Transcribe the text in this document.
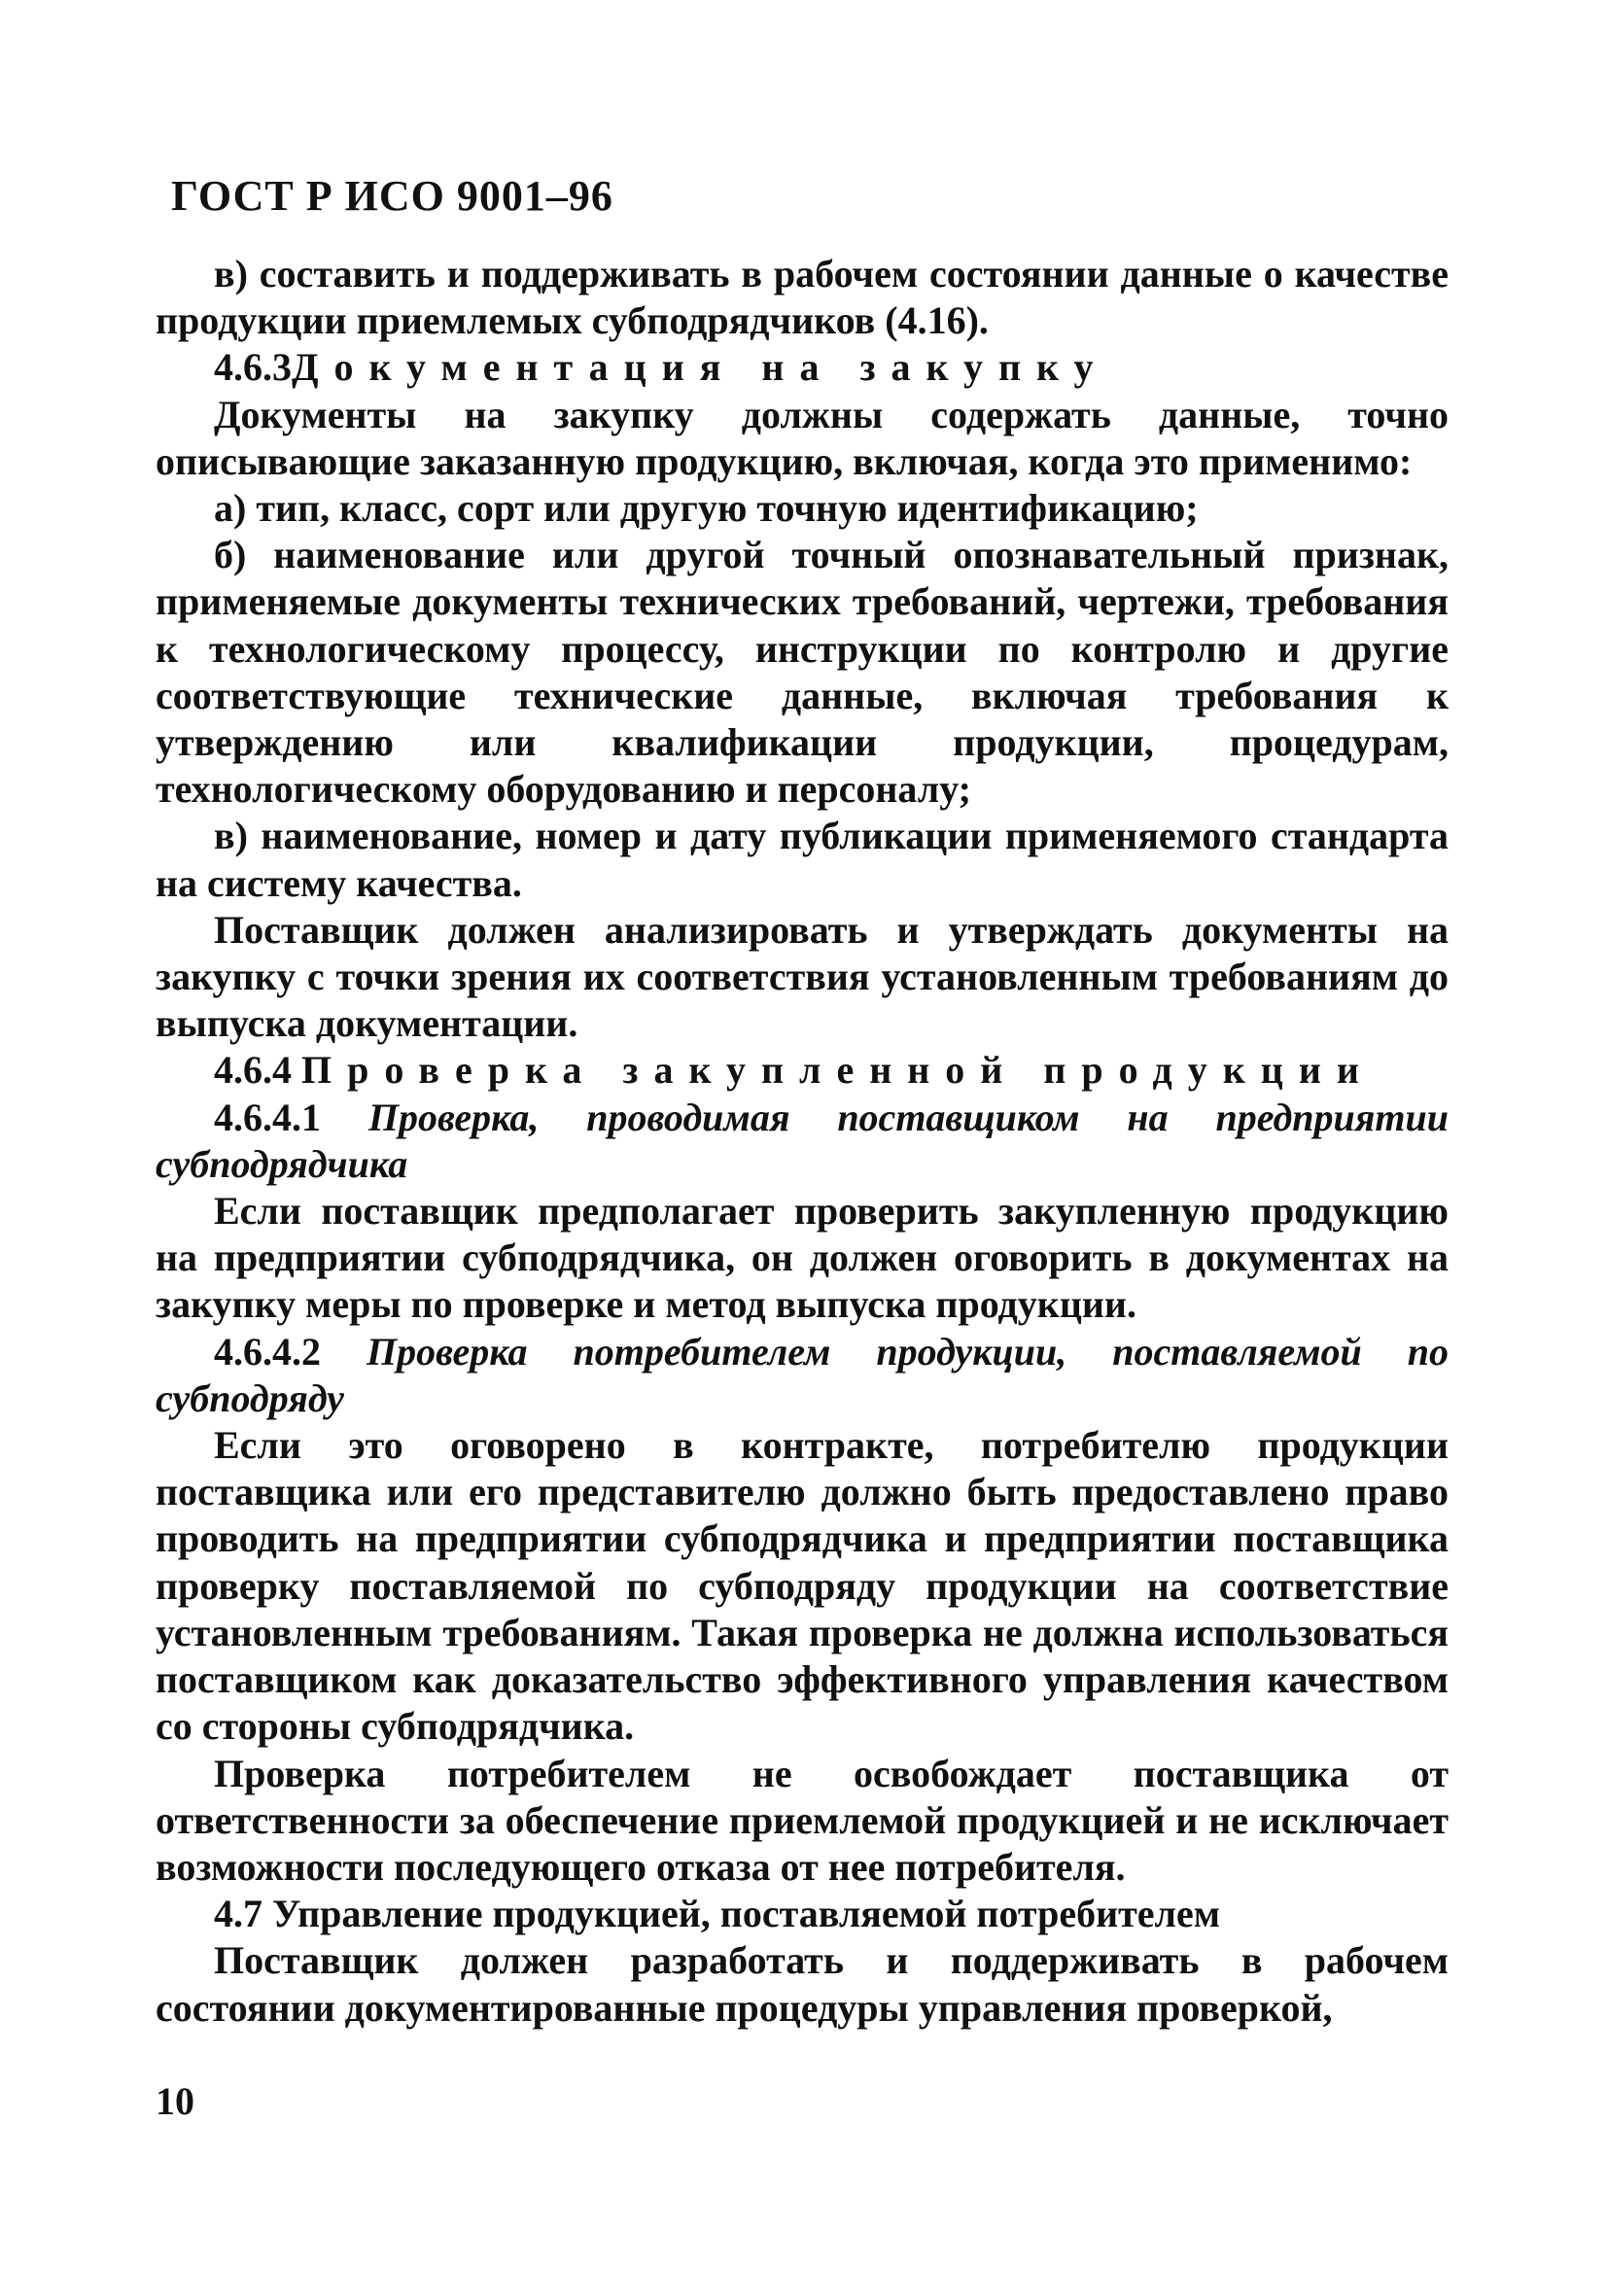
ГОСТ Р ИСО 9001–96

в) составить и поддерживать в рабочем состоянии данные о качестве продукции приемлемых субподрядчиков (4.16).

4.6.3Документация на закупку

Документы на закупку должны содержать данные, точно описывающие заказанную продукцию, включая, когда это применимо:

а) тип, класс, сорт или другую точную идентификацию;

б) наименование или другой точный опознавательный признак, применяемые документы технических требований, чертежи, требования к технологическому процессу, инструкции по контролю и другие соответствующие технические данные, включая требования к утверждению или квалификации продукции, процедурам, технологическому оборудованию и персоналу;

в) наименование, номер и дату публикации применяемого стандарта на систему качества.

Поставщик должен анализировать и утверждать документы на закупку с точки зрения их соответствия установленным требованиям до выпуска документации.

4.6.4 Проверка закупленной продукции

4.6.4.1 Проверка, проводимая поставщиком на предприятии субподрядчика

Если поставщик предполагает проверить закупленную продукцию на предприятии субподрядчика, он должен оговорить в документах на закупку меры по проверке и метод выпуска продукции.

4.6.4.2 Проверка потребителем продукции, поставляемой по субподряду

Если это оговорено в контракте, потребителю продукции поставщика или его представителю должно быть предоставлено право проводить на предприятии субподрядчика и предприятии поставщика проверку поставляемой по субподряду продукции на соответствие установленным требованиям. Такая проверка не должна использоваться поставщиком как доказательство эффективного управления качеством со стороны субподрядчика.

Проверка потребителем не освобождает поставщика от ответственности за обеспечение приемлемой продукцией и не исключает возможности последующего отказа от нее потребителя.

4.7 Управление продукцией, поставляемой потребителем

Поставщик должен разработать и поддерживать в рабочем
состоянии документированные процедуры управления проверкой,

10
